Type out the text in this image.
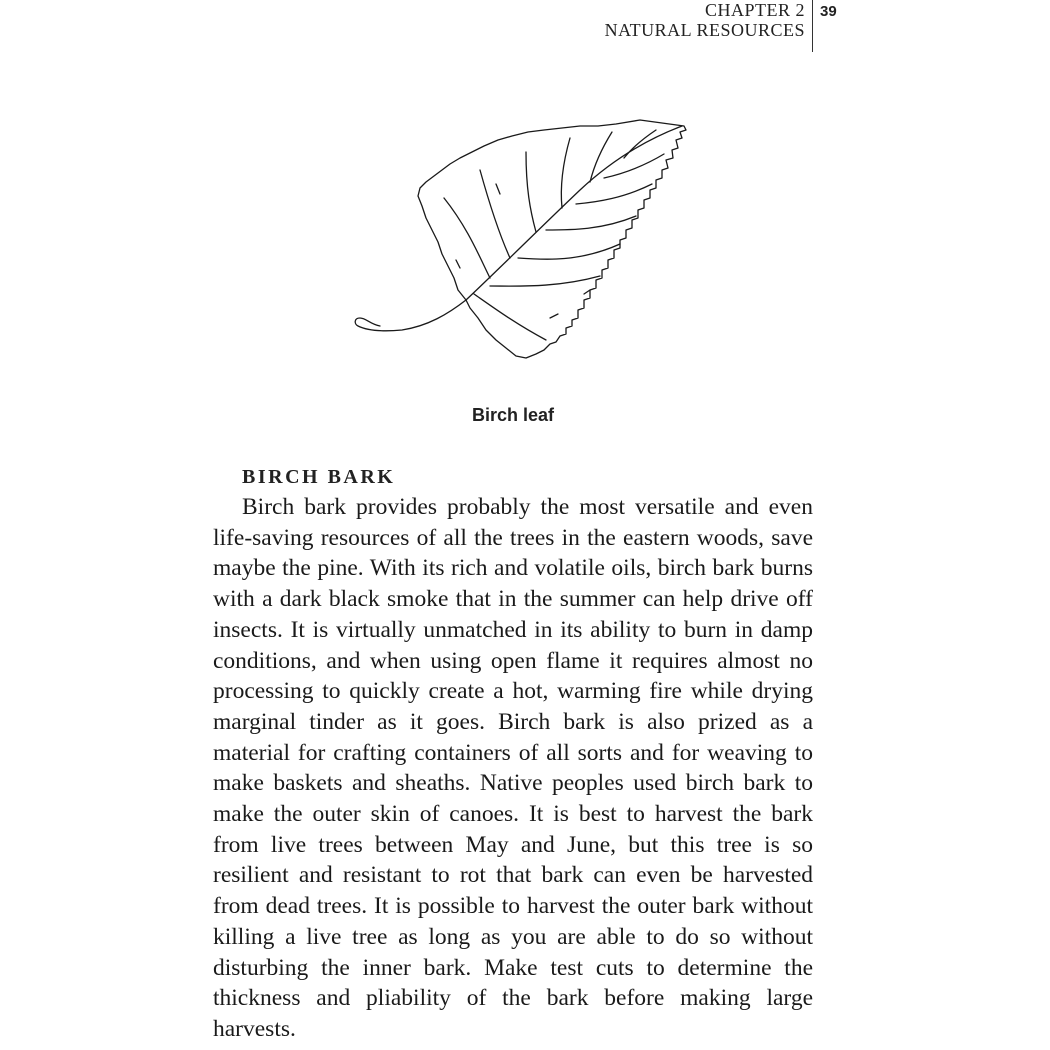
CHAPTER 2
NATURAL RESOURCES
39
Birch leaf
BIRCH BARK

Birch bark provides probably the most versatile and even life-saving resources of all the trees in the eastern woods, save maybe the pine. With its rich and volatile oils, birch bark burns with a dark black smoke that in the summer can help drive off insects. It is virtually unmatched in its ability to burn in damp conditions, and when using open flame it requires almost no processing to quickly create a hot, warming fire while drying marginal tinder as it goes. Birch bark is also prized as a material for crafting containers of all sorts and for weaving to make baskets and sheaths. Native peoples used birch bark to make the outer skin of canoes. It is best to harvest the bark from live trees between May and June, but this tree is so resilient and resistant to rot that bark can even be harvested from dead trees. It is possible to harvest the outer bark without killing a live tree as long as you are able to do so without disturbing the inner bark. Make test cuts to determine the thickness and pliability of the bark before making large harvests.
